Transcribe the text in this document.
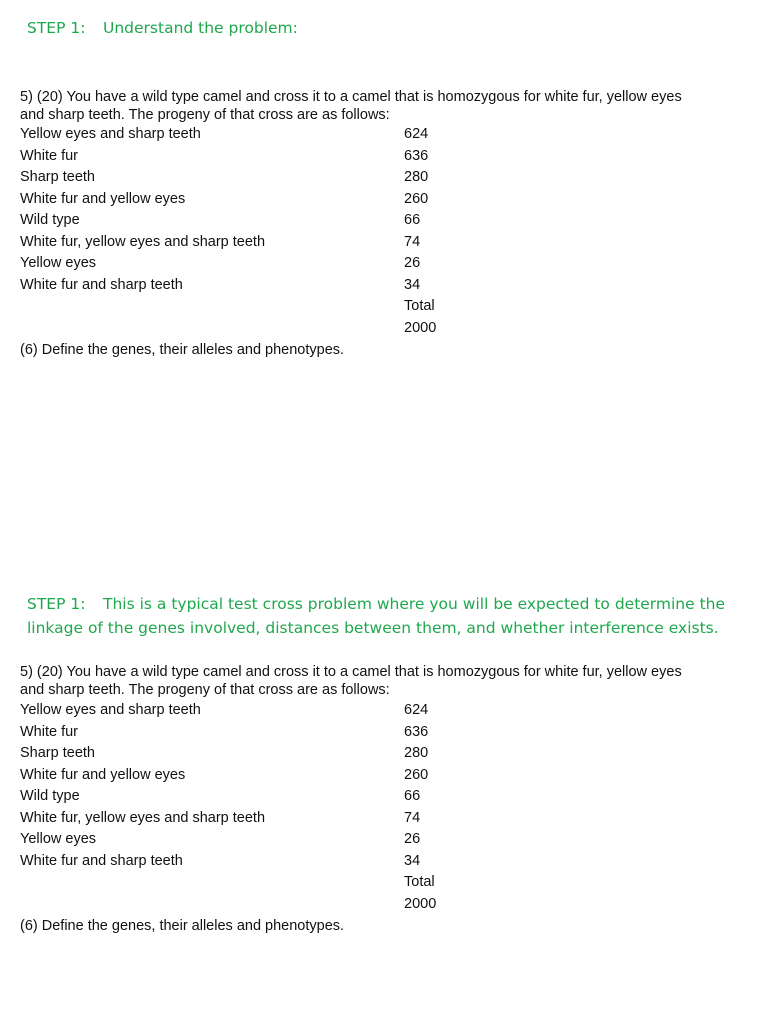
STEP 1: Understand the problem:

5) (20) You have a wild type camel and cross it to a camel that is homozygous for white fur, yellow eyes and sharp teeth. The progeny of that cross are as follows:

Yellow eyes and sharp teeth	624
White fur	636
Sharp teeth	280
White fur and yellow eyes	260
Wild type	66
White fur, yellow eyes and sharp teeth	74
Yellow eyes	26
White fur and sharp teeth	34
Total
2000

(6) Define the genes, their alleles and phenotypes.

STEP 1: This is a typical test cross problem where you will be expected to determine the linkage of the genes involved, distances between them, and whether interference exists.

5) (20) You have a wild type camel and cross it to a camel that is homozygous for white fur, yellow eyes and sharp teeth. The progeny of that cross are as follows:

Yellow eyes and sharp teeth	624
White fur	636
Sharp teeth	280
White fur and yellow eyes	260
Wild type	66
White fur, yellow eyes and sharp teeth	74
Yellow eyes	26
White fur and sharp teeth	34
Total
2000

(6) Define the genes, their alleles and phenotypes.
